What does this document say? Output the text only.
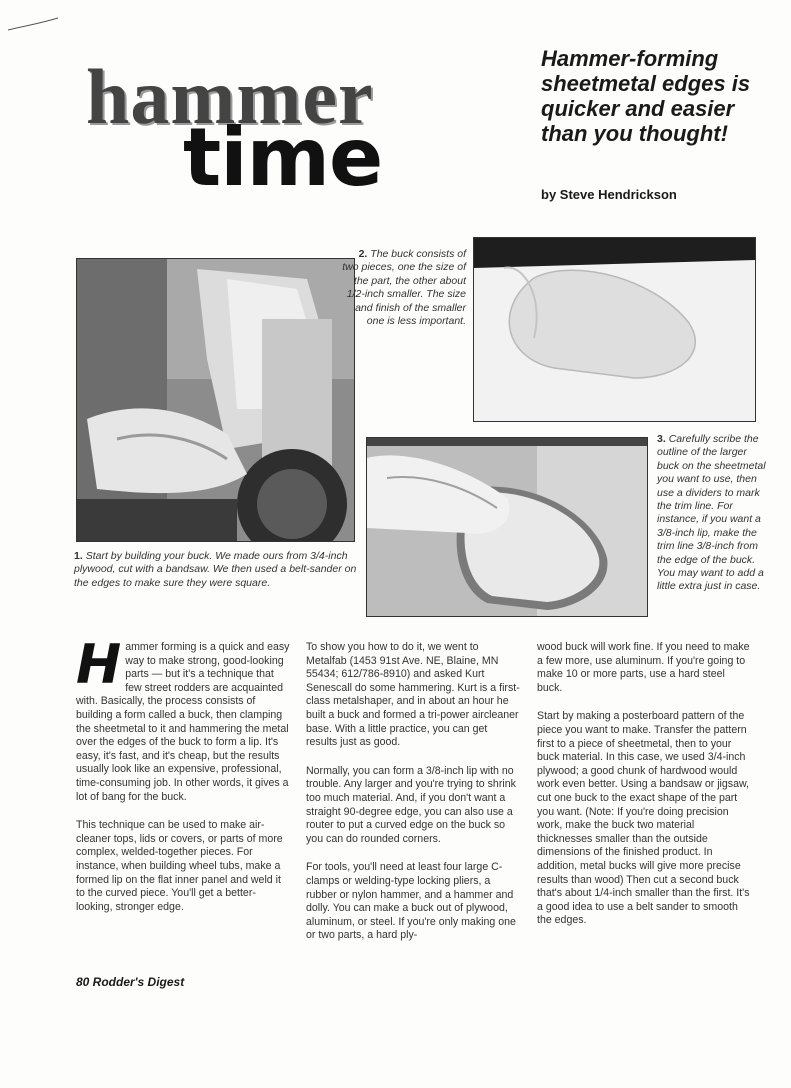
hammer
time
Hammer-forming sheetmetal edges is quicker and easier than you thought!
by Steve Hendrickson
2. The buck consists of two pieces, one the size of the part, the other about 1/2-inch smaller. The size and finish of the smaller one is less important.
3. Carefully scribe the outline of the larger buck on the sheetmetal you want to use, then use a dividers to mark the trim line. For instance, if you want a 3/8-inch lip, make the trim line 3/8-inch from the edge of the buck. You may want to add a little extra just in case.
1. Start by building your buck. We made ours from 3/4-inch plywood, cut with a bandsaw. We then used a belt-sander on the edges to make sure they were square.

Hammer forming is a quick and easy way to make strong, good-looking parts — but it's a technique that few street rodders are acquainted with. Basically, the process consists of building a form called a buck, then clamping the sheetmetal to it and hammering the metal over the edges of the buck to form a lip. It's easy, it's fast, and it's cheap, but the results usually look like an expensive, professional, time-consuming job. In other words, it gives a lot of bang for the buck.

This technique can be used to make air-cleaner tops, lids or covers, or parts of more complex, welded-together pieces. For instance, when building wheel tubs, make a formed lip on the flat inner panel and weld it to the curved piece. You'll get a better-looking, stronger edge.

To show you how to do it, we went to Metalfab (1453 91st Ave. NE, Blaine, MN 55434; 612/786-8910) and asked Kurt Senescall do some hammering. Kurt is a first-class metalshaper, and in about an hour he built a buck and formed a tri-power aircleaner base. With a little practice, you can get results just as good.

Normally, you can form a 3/8-inch lip with no trouble. Any larger and you're trying to shrink too much material. And, if you don't want a straight 90-degree edge, you can also use a router to put a curved edge on the buck so you can do rounded corners.

For tools, you'll need at least four large C-clamps or welding-type locking pliers, a rubber or nylon hammer, and a hammer and dolly. You can make a buck out of plywood, aluminum, or steel. If you're only making one or two parts, a hard ply-

wood buck will work fine. If you need to make a few more, use aluminum. If you're going to make 10 or more parts, use a hard steel buck.

Start by making a posterboard pattern of the piece you want to make. Transfer the pattern first to a piece of sheetmetal, then to your buck material. In this case, we used 3/4-inch plywood; a good chunk of hardwood would work even better. Using a bandsaw or jigsaw, cut one buck to the exact shape of the part you want. (Note: If you're doing precision work, make the buck two material thicknesses smaller than the outside dimensions of the finished product. In addition, metal bucks will give more precise results than wood) Then cut a second buck that's about 1/4-inch smaller than the first. It's a good idea to use a belt sander to smooth the edges.

80 Rodder's Digest
